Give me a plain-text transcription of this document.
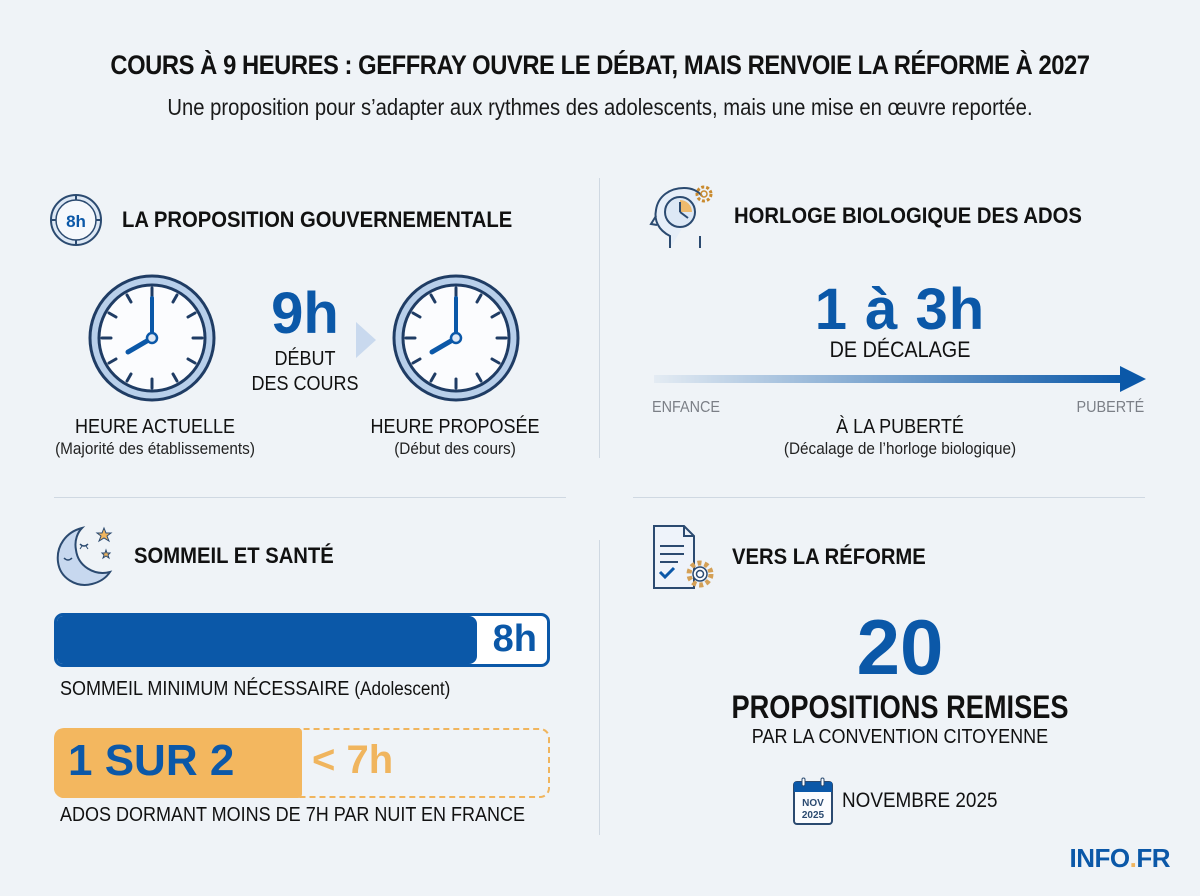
COURS À 9 HEURES : GEFFRAY OUVRE LE DÉBAT, MAIS RENVOIE LA RÉFORME À 2027
Une proposition pour s’adapter aux rythmes des adolescents, mais une mise en œuvre reportée.
8h LA PROPOSITION GOUVERNEMENTALE
9h
DÉBUT
DES COURS
HEURE ACTUELLE
(Majorité des établissements)
HEURE PROPOSÉE
(Début des cours)
HORLOGE BIOLOGIQUE DES ADOS
1 à 3h
DE DÉCALAGE
ENFANCE	PUBERTÉ
À LA PUBERTÉ
(Décalage de l’horloge biologique)
SOMMEIL ET SANTÉ
8h
SOMMEIL MINIMUM NÉCESSAIRE (Adolescent)
1 SUR 2 < 7h
ADOS DORMANT MOINS DE 7H PAR NUIT EN FRANCE
VERS LA RÉFORME
20
PROPOSITIONS REMISES
PAR LA CONVENTION CITOYENNE
NOV
2025
NOVEMBRE 2025
INFO.FR
